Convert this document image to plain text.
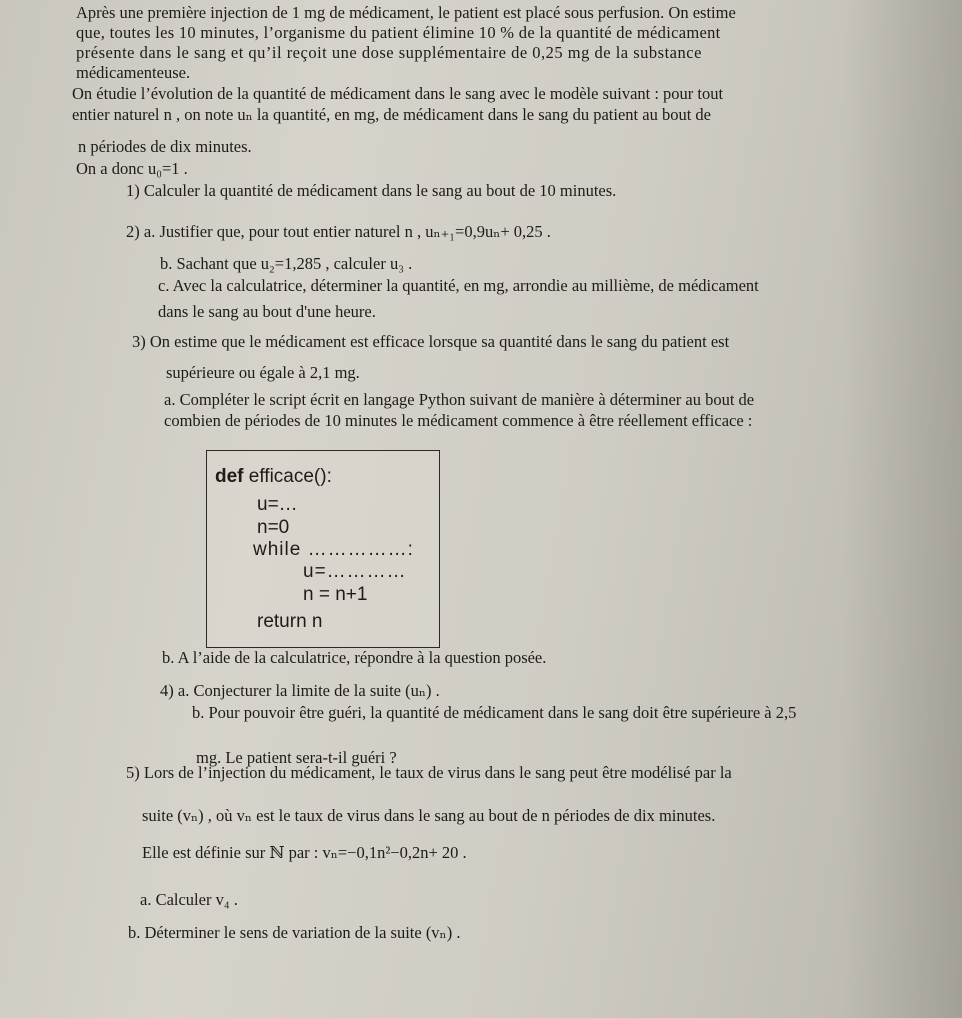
Après une première injection de 1 mg de médicament, le patient est placé sous perfusion. On estime
que, toutes les 10 minutes, l’organisme du patient élimine 10 % de la quantité de médicament
présente dans le sang et qu’il reçoit une dose supplémentaire de 0,25 mg de la substance
médicamenteuse.
On étudie l’évolution de la quantité de médicament dans le sang avec le modèle suivant : pour tout
entier naturel n , on note uₙ la quantité, en mg, de médicament dans le sang du patient au bout de
n périodes de dix minutes.
On a donc u₀=1 .
1) Calculer la quantité de médicament dans le sang au bout de 10 minutes.
2) a. Justifier que, pour tout entier naturel n , uₙ₊₁=0,9uₙ+ 0,25 .
b. Sachant que u₂=1,285 , calculer u₃ .
c. Avec la calculatrice, déterminer la quantité, en mg, arrondie au millième, de médicament
dans le sang au bout d'une heure.
3) On estime que le médicament est efficace lorsque sa quantité dans le sang du patient est
supérieure ou égale à 2,1 mg.
a. Compléter le script écrit en langage Python suivant de manière à déterminer au bout de
combien de périodes de 10 minutes le médicament commence à être réellement efficace :
def efficace():
u=…
n=0
while ……………:
u=…………
n = n+1
return n
b. A l’aide de la calculatrice, répondre à la question posée.
4) a. Conjecturer la limite de la suite (uₙ) .
b. Pour pouvoir être guéri, la quantité de médicament dans le sang doit être supérieure à 2,5
mg. Le patient sera-t-il guéri ?
5) Lors de l’injection du médicament, le taux de virus dans le sang peut être modélisé par la
suite (vₙ) , où vₙ est le taux de virus dans le sang au bout de n périodes de dix minutes.
Elle est définie sur ℕ par : vₙ=−0,1n²−0,2n+ 20 .
a. Calculer v₄ .
b. Déterminer le sens de variation de la suite (vₙ) .
